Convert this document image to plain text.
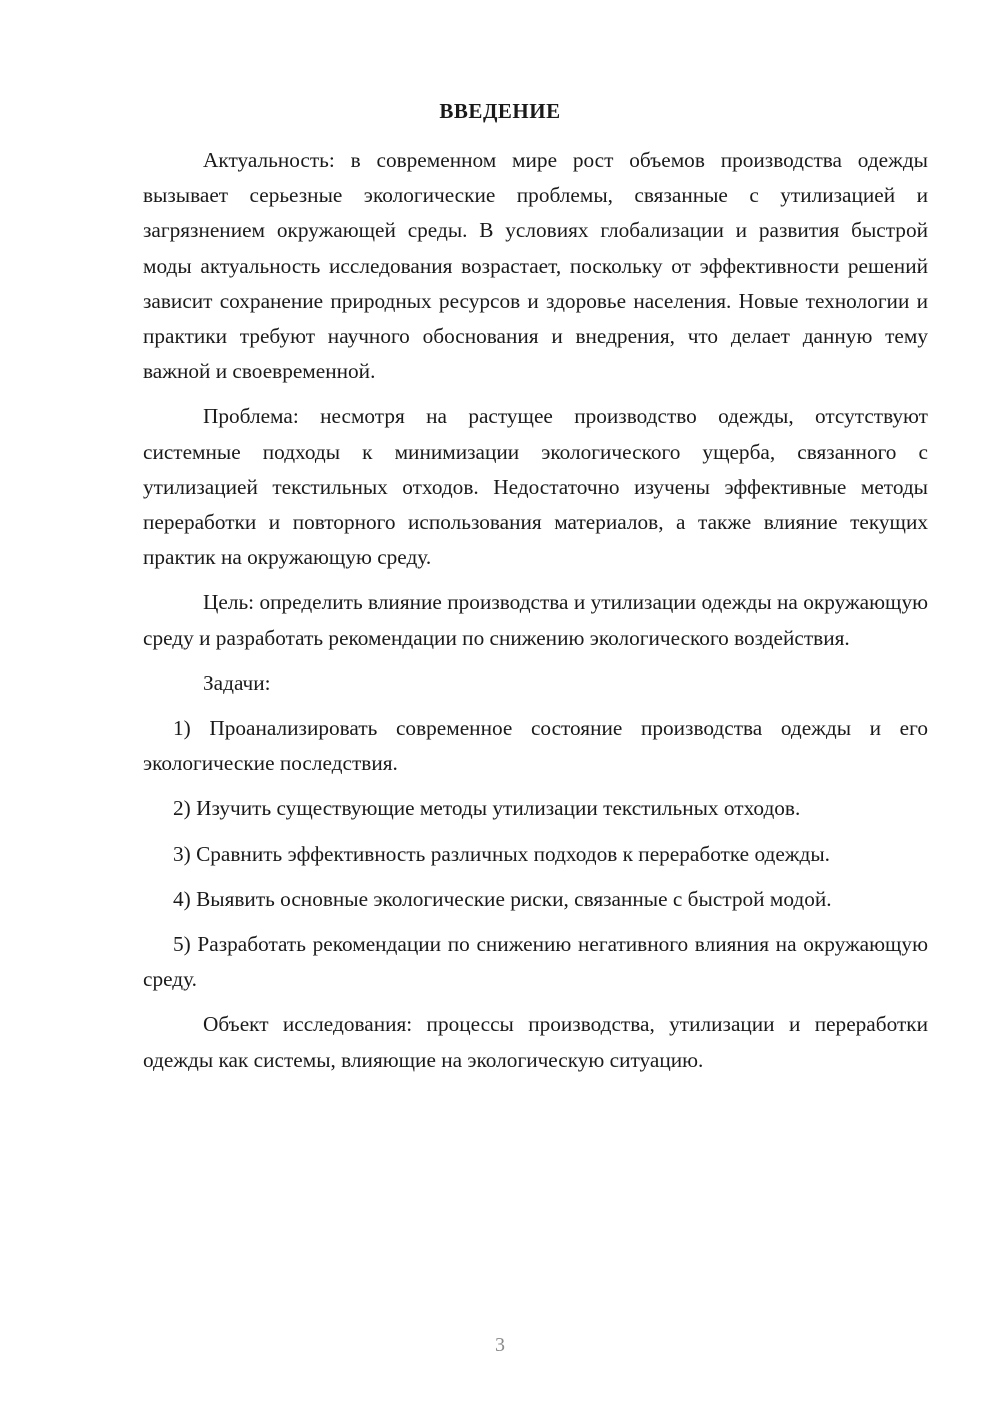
ВВЕДЕНИЕ

Актуальность: в современном мире рост объемов производства одежды вызывает серьезные экологические проблемы, связанные с утилизацией и загрязнением окружающей среды. В условиях глобализации и развития быстрой моды актуальность исследования возрастает, поскольку от эффективности решений зависит сохранение природных ресурсов и здоровье населения. Новые технологии и практики требуют научного обоснования и внедрения, что делает данную тему важной и своевременной.

Проблема: несмотря на растущее производство одежды, отсутствуют системные подходы к минимизации экологического ущерба, связанного с утилизацией текстильных отходов. Недостаточно изучены эффективные методы переработки и повторного использования материалов, а также влияние текущих практик на окружающую среду.

Цель: определить влияние производства и утилизации одежды на окружающую среду и разработать рекомендации по снижению экологического воздействия.

Задачи:

1) Проанализировать современное состояние производства одежды и его экологические последствия.

2) Изучить существующие методы утилизации текстильных отходов.

3) Сравнить эффективность различных подходов к переработке одежды.

4) Выявить основные экологические риски, связанные с быстрой модой.

5) Разработать рекомендации по снижению негативного влияния на окружающую среду.

Объект исследования: процессы производства, утилизации и переработки одежды как системы, влияющие на экологическую ситуацию.

3
